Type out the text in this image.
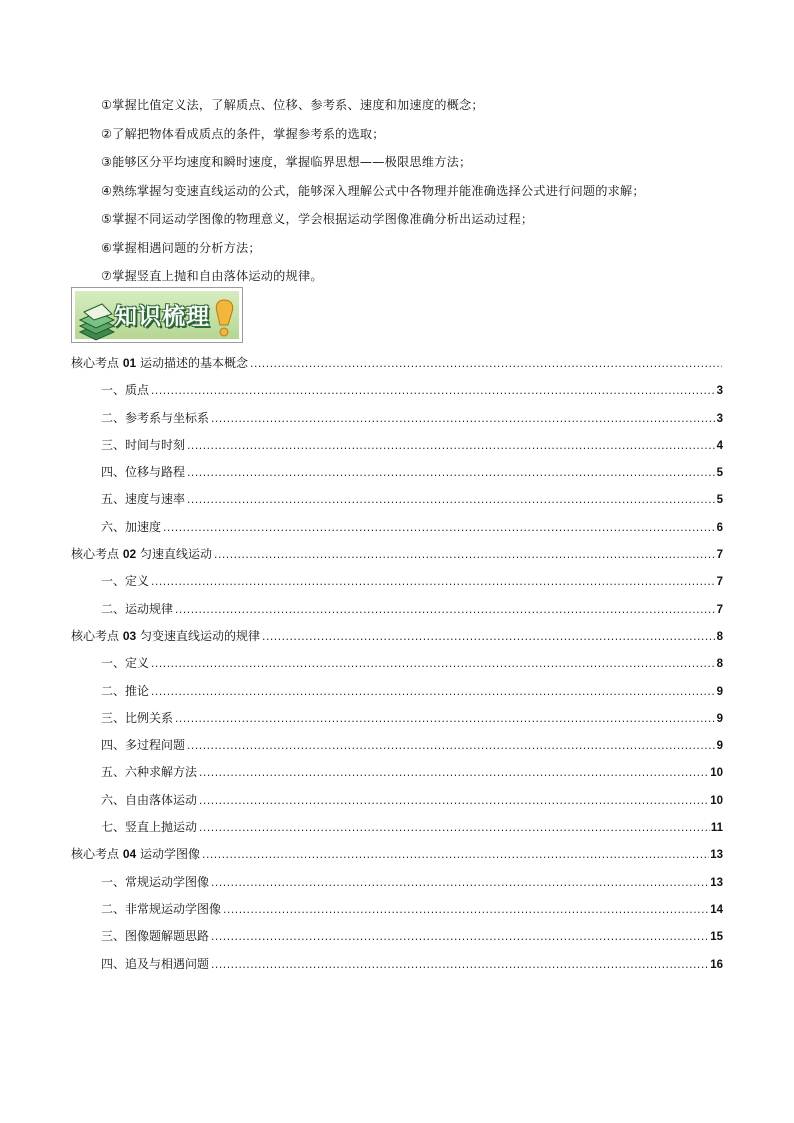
①掌握比值定义法，了解质点、位移、参考系、速度和加速度的概念；
②了解把物体看成质点的条件，掌握参考系的选取；
③能够区分平均速度和瞬时速度，掌握临界思想——极限思维方法；
④熟练掌握匀变速直线运动的公式，能够深入理解公式中各物理并能准确选择公式进行问题的求解；
⑤掌握不同运动学图像的物理意义，学会根据运动学图像准确分析出运动过程；
⑥掌握相遇问题的分析方法；
⑦掌握竖直上抛和自由落体运动的规律。
知识梳理
核心考点 01 运动描述的基本概念
.....
一、质点 .....	3
二、参考系与坐标系 .....	3
三、时间与时刻 .....	4
四、位移与路程 .....	5
五、速度与速率 .....	5
六、加速度 .....	6
核心考点 02 匀速直线运动 .....	7
一、定义 .....	7
二、运动规律 .....	7
核心考点 03 匀变速直线运动的规律 .....	8
一、定义 .....	8
二、推论 .....	9
三、比例关系 .....	9
四、多过程问题 .....	9
五、六种求解方法 .....	10
六、自由落体运动 .....	10
七、竖直上抛运动 .....	11
核心考点 04 运动学图像 .....	13
一、常规运动学图像 .....	13
二、非常规运动学图像 .....	14
三、图像题解题思路 .....	15
四、追及与相遇问题 .....	16
